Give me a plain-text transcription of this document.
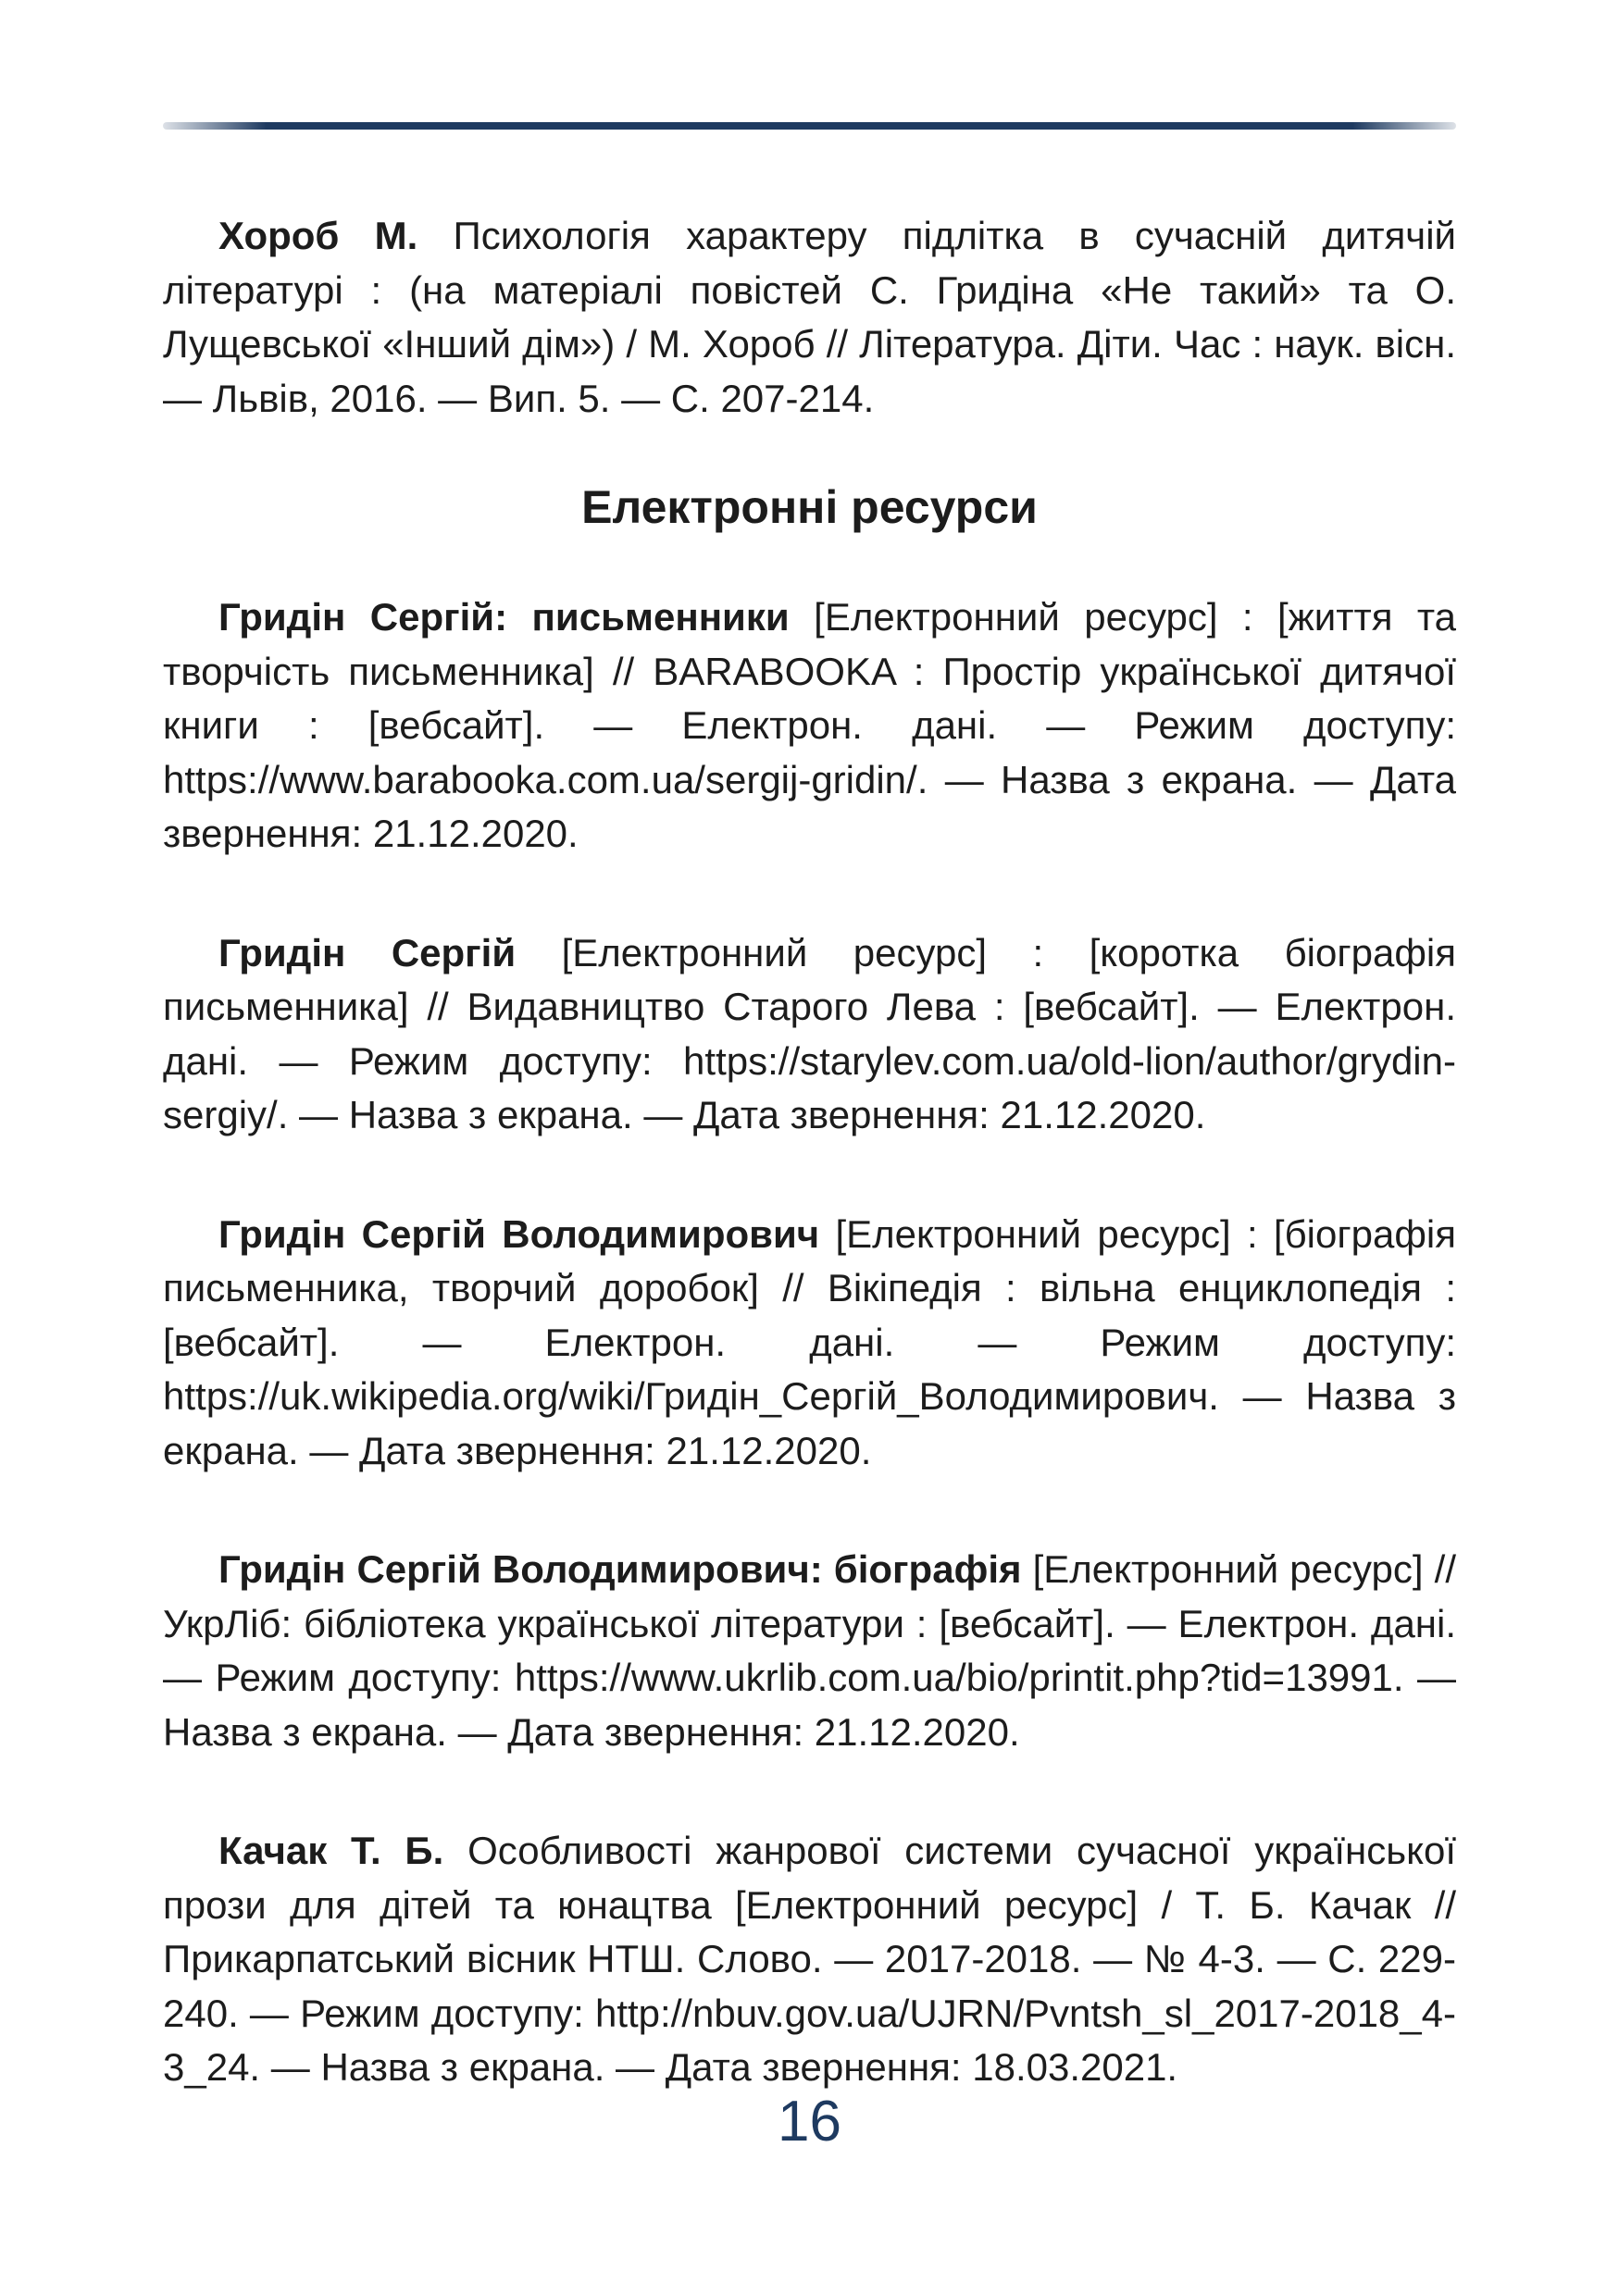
Хороб М. Психологія характеру підлітка в сучасній дитячій літературі : (на матеріалі повістей С. Гридіна «Не такий» та О. Лущевської «Інший дім») / М. Хороб // Література. Діти. Час : наук. вісн. — Львів, 2016. — Вип. 5. — С. 207-214.

Електронні ресурси

Гридін Сергій: письменники [Електронний ресурс] : [життя та творчість письменника] // BARABOOKA : Простір української дитячої книги : [вебсайт]. — Електрон. дані. — Режим доступу: https://www.barabooka.com.ua/sergij-gridin/. — Назва з екрана. — Дата звернення: 21.12.2020.

Гридін Сергій [Електронний ресурс] : [коротка біографія письменника] // Видавництво Старого Лева : [вебсайт]. — Електрон. дані. — Режим доступу: https://starylev.com.ua/old-lion/author/grydin-sergiy/. — Назва з екрана. — Дата звернення: 21.12.2020.

Гридін Сергій Володимирович [Електронний ресурс] : [біографія письменника, творчий доробок] // Вікіпедія : вільна енциклопедія : [вебсайт]. — Електрон. дані. — Режим доступу: https://uk.wikipedia.org/wiki/Гридін_Сергій_Володимирович. — Назва з екрана. — Дата звернення: 21.12.2020.

Гридін Сергій Володимирович: біографія [Електронний ресурс] // УкрЛіб: бібліотека української літератури : [вебсайт]. — Електрон. дані. — Режим доступу: https://www.ukrlib.com.ua/bio/printit.php?tid=13991. — Назва з екрана. — Дата звернення: 21.12.2020.

Качак Т. Б. Особливості жанрової системи сучасної української прози для дітей та юнацтва [Електронний ресурс] / Т. Б. Качак // Прикарпатський вісник НТШ. Слово. — 2017-2018. — № 4-3. — С. 229-240. — Режим доступу: http://nbuv.gov.ua/UJRN/Pvntsh_sl_2017-2018_4-3_24. — Назва з екрана. — Дата звернення: 18.03.2021.

16
